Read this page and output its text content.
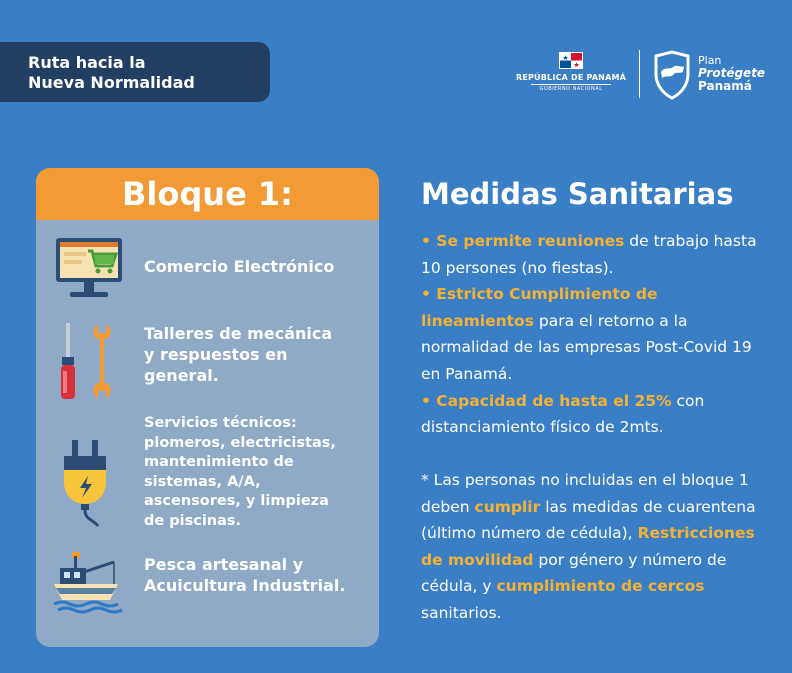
Ruta hacia la
Nueva Normalidad	REPÚBLICA DE PANAMÁ
GOBIERNO NACIONAL
Plan
Protégete
Panamá
Bloque 1:
Comercio Electrónico
Talleres de mecánica
y respuestos en
general.
Servicios técnicos:
plomeros, electricistas,
mantenimiento de
sistemas, A/A,
ascensores, y limpieza
de piscinas.
Pesca artesanal y
Acuicultura Industrial.
Medidas Sanitarias
• Se permite reuniones de trabajo hasta 10 persones (no fiestas).
• Estricto Cumplimiento de lineamientos para el retorno a la normalidad de las empresas Post-Covid 19 en Panamá.
• Capacidad de hasta el 25% con distanciamiento físico de 2mts.
* Las personas no incluidas en el bloque 1 deben cumplir las medidas de cuarentena (último número de cédula), Restricciones de movilidad por género y número de cédula, y cumplimiento de cercos sanitarios.
